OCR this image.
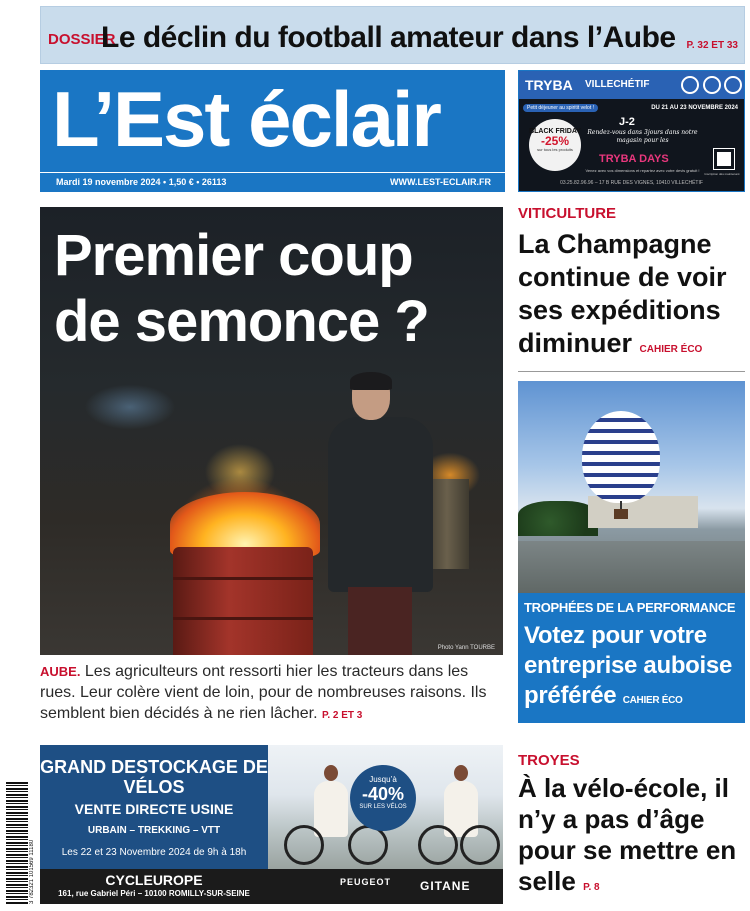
DOSSIER
Le déclin du football amateur dans l’Aube P. 32 ET 33
L’Est éclair
Mardi 19 novembre 2024 • 1,50 € • 26113	WWW.LEST-ECLAIR.FR
TRYBA VILLECHÉTIF
Petit déjeuner au spiritit velot !	DU 21 AU 23 NOVEMBRE 2024
BLACK FRIDAY
-25%
sur tous les produits
J-2
Rendez-vous dans 3jours dans notre magasin pour les
TRYBA DAYS
Venez avec vos dimensions et repartez avec votre devis gratuit !
Inscription dès maintenant
03.25.82.96.96 – 17 B RUE DES VIGNES, 10410 VILLECHÉTIF
Premier coup
de semonce ?
Photo Yann TOURBE
AUBE. Les agriculteurs ont ressorti hier les tracteurs dans les rues. Leur colère vient de loin, pour de nombreuses raisons. Ils semblent bien décidés à ne rien lâcher. P. 2 ET 3
VITICULTURE
La Champagne continue de voir ses expéditions diminuer CAHIER ÉCO
TROPHÉES DE LA PERFORMANCE
Votez pour votre entreprise auboise préférée CAHIER ÉCO
TROYES
À la vélo-école, il n’y a pas d’âge pour se mettre en selle P. 8
GRAND DESTOCKAGE DE VÉLOS
VENTE DIRECTE USINE
URBAIN – TREKKING – VTT
Les 22 et 23 Novembre 2024 de 9h à 18h
Jusqu’à
-40%
SUR LES VÉLOS
CYCLEUROPE
161, rue Gabriel Péri – 10100 ROMILLY-SUR-SEINE
PEUGEOT GITANE
3 782321 101569 11180
